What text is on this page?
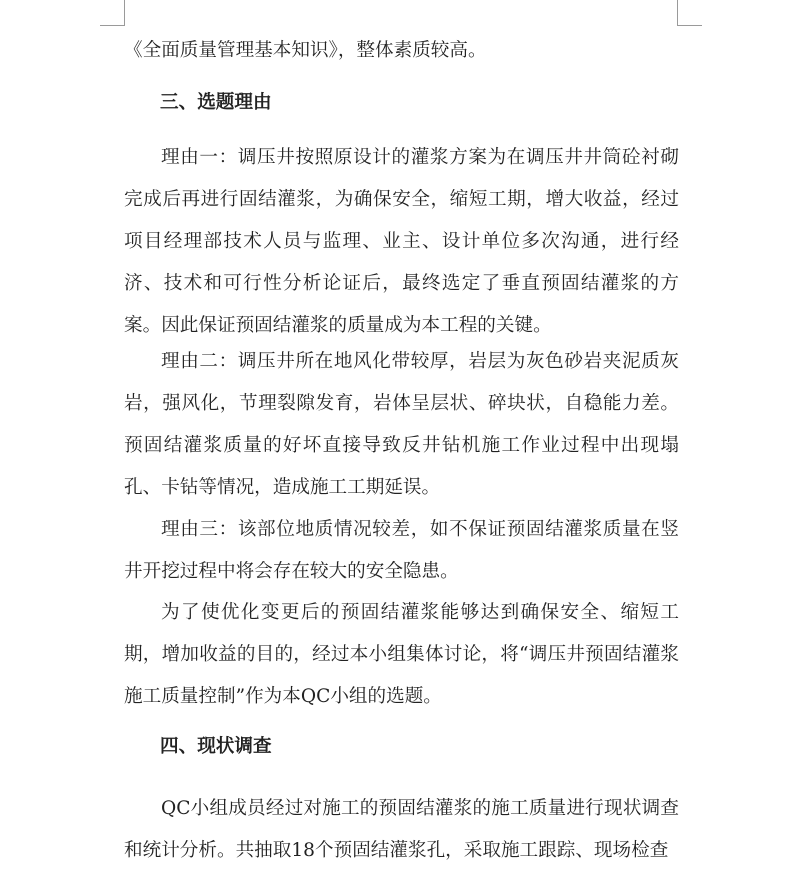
《全面质量管理基本知识》，整体素质较高。
三、选题理由

理由一：调压井按照原设计的灌浆方案为在调压井井筒砼衬砌完成后再进行固结灌浆，为确保安全，缩短工期，增大收益，经过项目经理部技术人员与监理、业主、设计单位多次沟通，进行经济、技术和可行性分析论证后，最终选定了垂直预固结灌浆的方案。因此保证预固结灌浆的质量成为本工程的关键。

理由二：调压井所在地风化带较厚，岩层为灰色砂岩夹泥质灰岩，强风化，节理裂隙发育，岩体呈层状、碎块状，自稳能力差。预固结灌浆质量的好坏直接导致反井钻机施工作业过程中出现塌孔、卡钻等情况，造成施工工期延误。

理由三：该部位地质情况较差，如不保证预固结灌浆质量在竖井开挖过程中将会存在较大的安全隐患。

为了使优化变更后的预固结灌浆能够达到确保安全、缩短工期，增加收益的目的，经过本小组集体讨论，将“调压井预固结灌浆施工质量控制”作为本QC小组的选题。

四、现状调查

QC小组成员经过对施工的预固结灌浆的施工质量进行现状调查和统计分析。共抽取18个预固结灌浆孔，采取施工跟踪、现场检查
